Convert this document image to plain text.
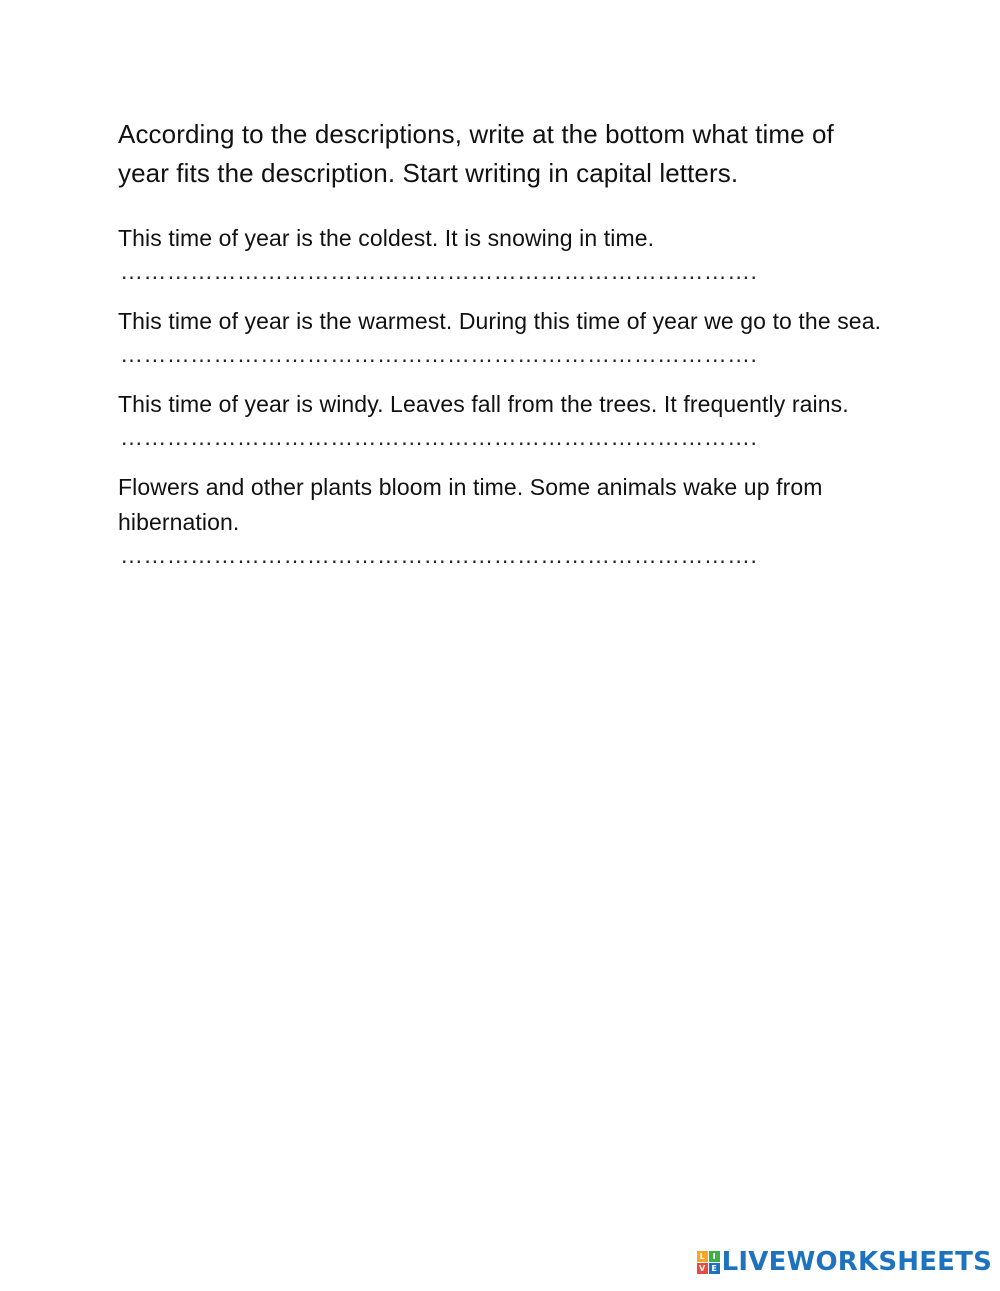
According to the descriptions, write at the bottom what time of year fits the description. Start writing in capital letters.

This time of year is the coldest. It is snowing in time.

……………………………………………………………………….

This time of year is the warmest. During this time of year we go to the sea.

……………………………………………………………………….

This time of year is windy. Leaves fall from the trees. It frequently rains.

……………………………………………………………………….

Flowers and other plants bloom in time. Some animals wake up from hibernation.

……………………………………………………………………….
L I
V E LIVEWORKSHEETS
